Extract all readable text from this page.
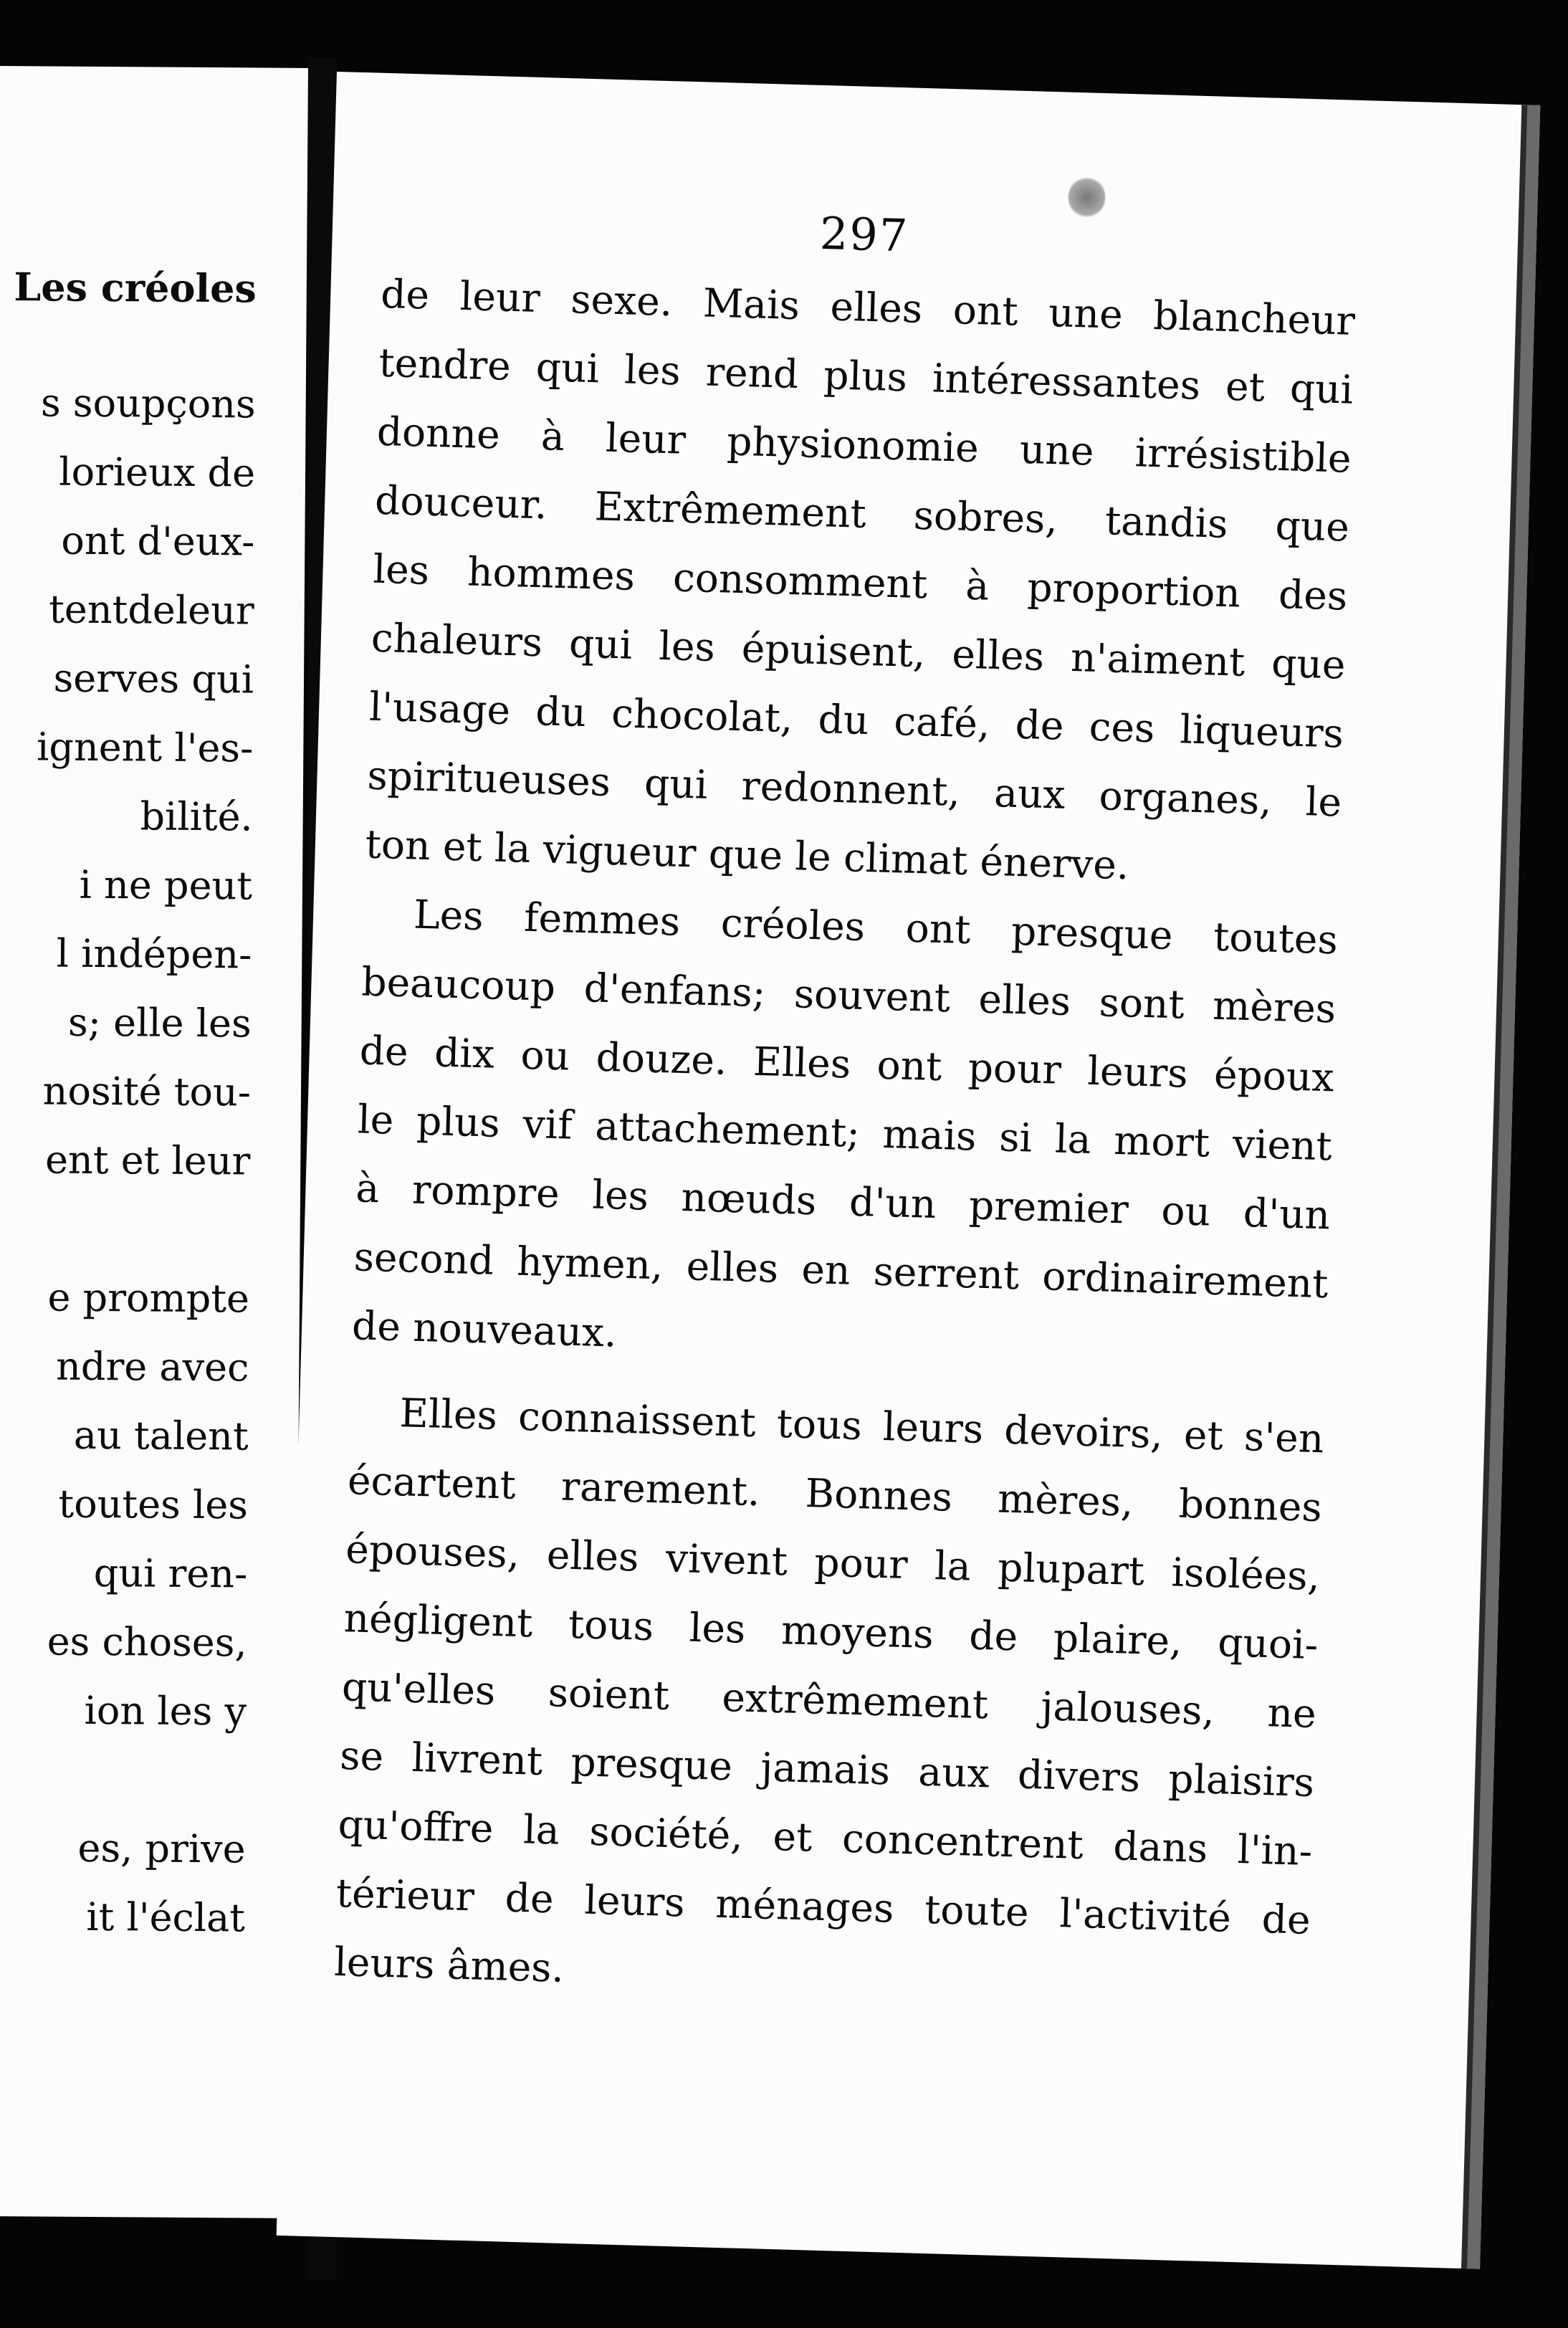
Les créoles
s soupçons
lorieux de
ont d'eux-
tentdeleur
serves qui
ignent l'es-
bilité.
i ne peut
l indépen-
s; elle les
nosité tou-
ent et leur
e prompte
ndre avec
au talent
toutes les
qui ren-
es choses,
ion les y
es, prive
it l'éclat
297

de leur sexe. Mais elles ont une blancheur
tendre qui les rend plus intéressantes et qui
donne à leur physionomie une irrésistible
douceur. Extrêmement sobres, tandis que
les hommes consomment à proportion des
chaleurs qui les épuisent, elles n'aiment que
l'usage du chocolat, du café, de ces liqueurs
spiritueuses qui redonnent, aux organes, le
ton et la vigueur que le climat énerve.

Les femmes créoles ont presque toutes
beaucoup d'enfans; souvent elles sont mères
de dix ou douze. Elles ont pour leurs époux
le plus vif attachement; mais si la mort vient
à rompre les nœuds d'un premier ou d'un
second hymen, elles en serrent ordinairement
de nouveaux.

Elles connaissent tous leurs devoirs, et s'en
écartent rarement. Bonnes mères, bonnes
épouses, elles vivent pour la plupart isolées,
négligent tous les moyens de plaire, quoi-
qu'elles soient extrêmement jalouses, ne
se livrent presque jamais aux divers plaisirs
qu'offre la société, et concentrent dans l'in-
térieur de leurs ménages toute l'activité de
leurs âmes.
